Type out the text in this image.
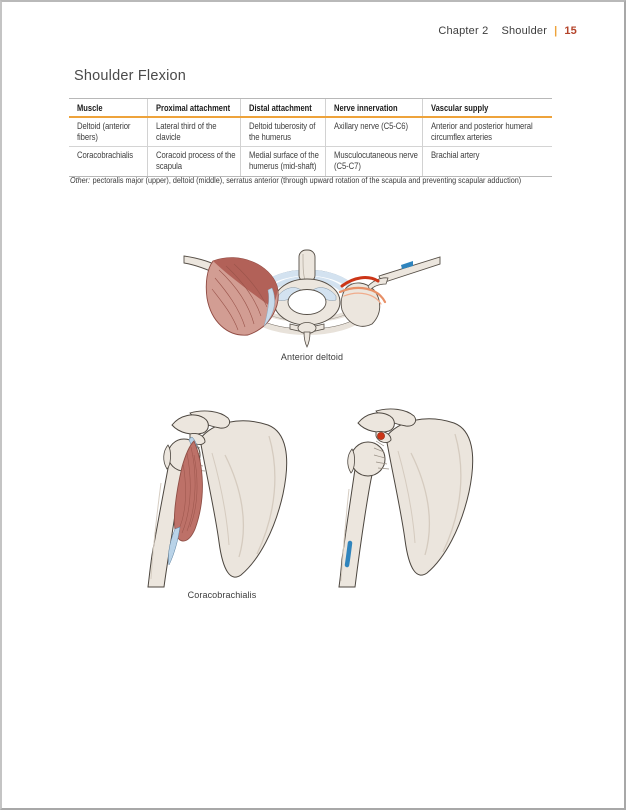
Chapter 2 Shoulder | 15
Shoulder Flexion
Muscle	Proximal attachment	Distal attachment	Nerve innervation	Vascular supply
Deltoid (anterior fibers)	Lateral third of the clavicle	Deltoid tuberosity of the humerus	Axillary nerve (C5-C6)	Anterior and posterior humeral circumflex arteries
Coracobrachialis	Coracoid process of the scapula	Medial surface of the humerus (mid-shaft)	Musculocutaneous nerve (C5-C7)	Brachial artery
Other: pectoralis major (upper), deltoid (middle), serratus anterior (through upward rotation of the scapula and preventing scapular adduction)
Anterior deltoid
Coracobrachialis
